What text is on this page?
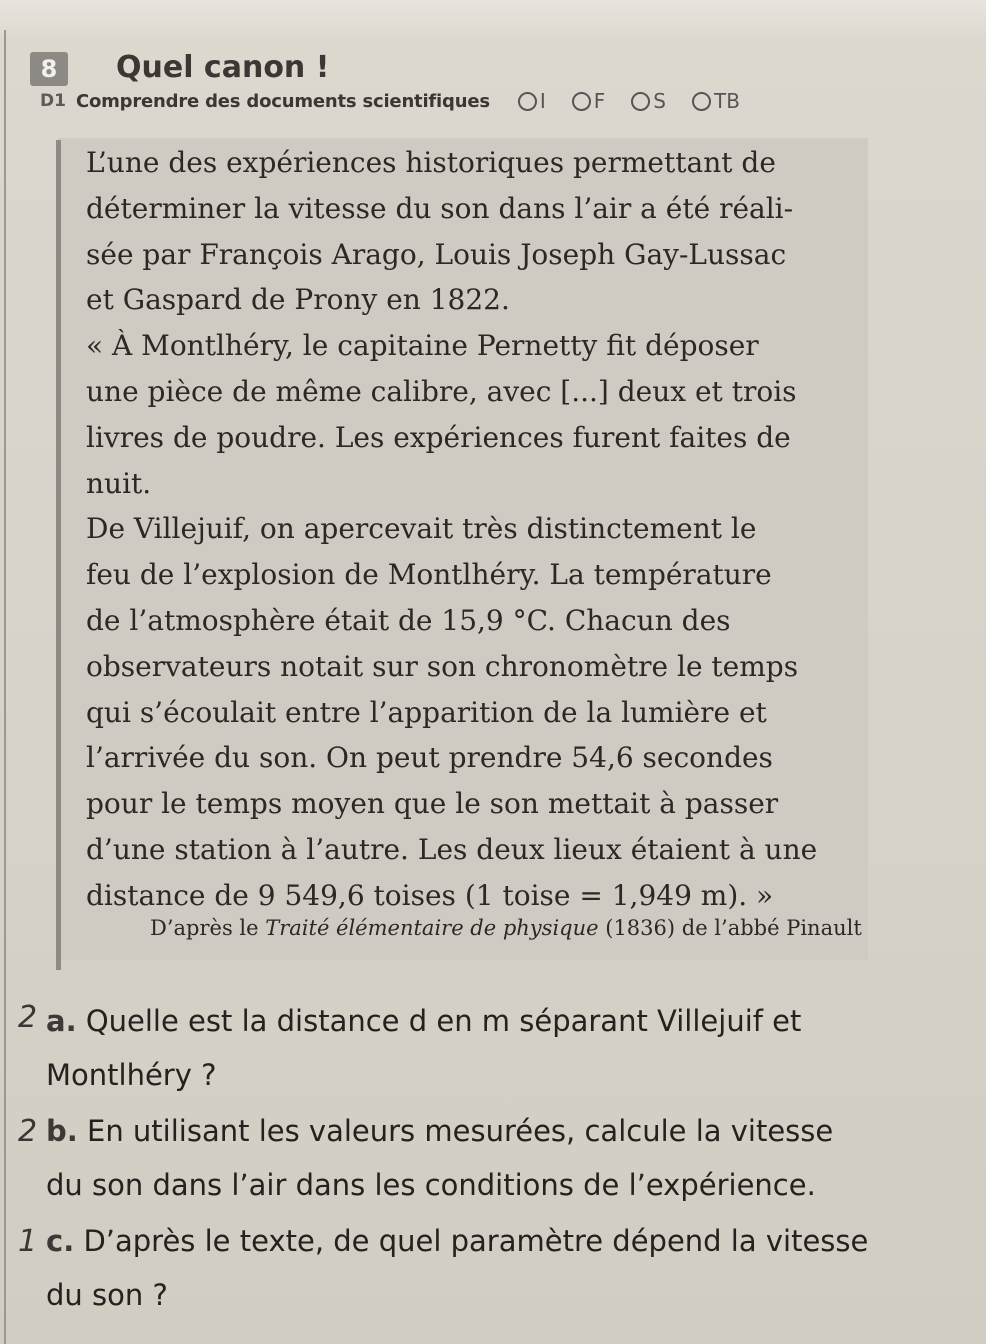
8	Quel canon !
D1 Comprendre des documents scientifiques	I F S TB

L’une des expériences historiques permettant de

déterminer la vitesse du son dans l’air a été réali-

sée par François Arago, Louis Joseph Gay-Lussac

et Gaspard de Prony en 1822.

« À Montlhéry, le capitaine Pernetty fit déposer

une pièce de même calibre, avec [...] deux et trois

livres de poudre. Les expériences furent faites de

nuit.

De Villejuif, on apercevait très distinctement le

feu de l’explosion de Montlhéry. La température

de l’atmosphère était de 15,9 °C. Chacun des

observateurs notait sur son chronomètre le temps

qui s’écoulait entre l’apparition de la lumière et

l’arrivée du son. On peut prendre 54,6 secondes

pour le temps moyen que le son mettait à passer

d’une station à l’autre. Les deux lieux étaient à une

distance de 9 549,6 toises (1 toise = 1,949 m). »

D’après le Traité élémentaire de physique (1836) de l’abbé Pinault

2 a. Quelle est la distance d en m séparant Villejuif et
Montlhéry ?
2 b. En utilisant les valeurs mesurées, calcule la vitesse
du son dans l’air dans les conditions de l’expérience.
1 c. D’après le texte, de quel paramètre dépend la vitesse
du son ?
